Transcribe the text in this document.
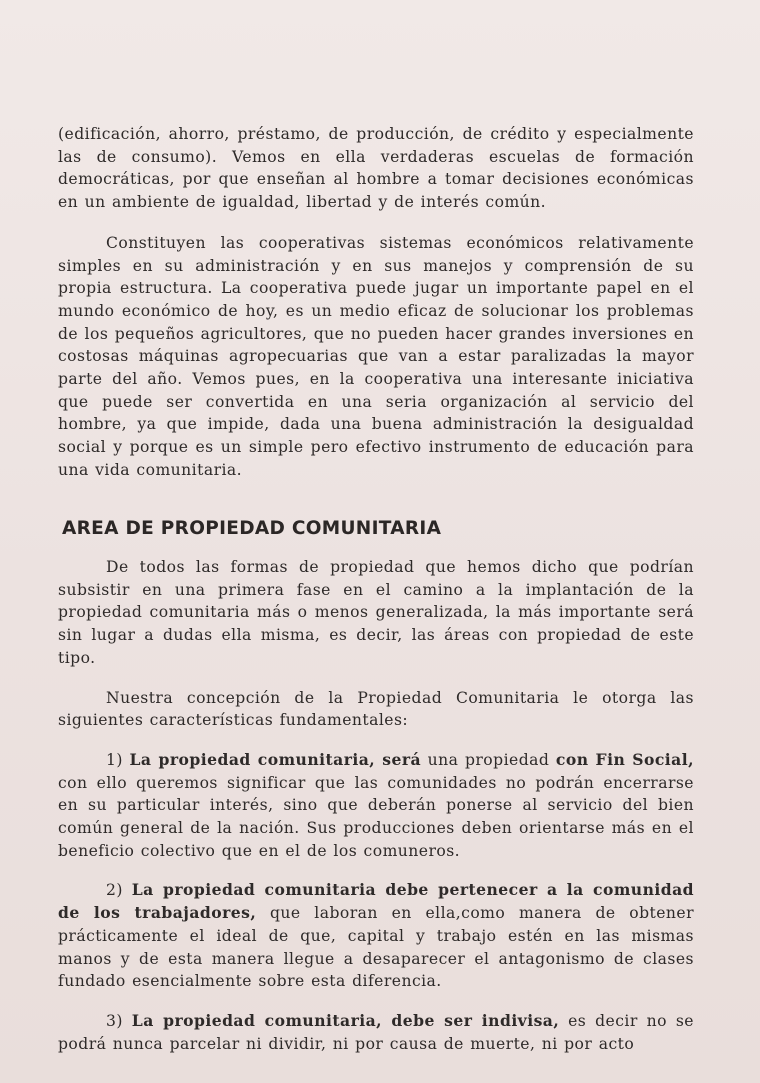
(edificación, ahorro, préstamo, de producción, de crédito y especialmente las de consumo). Vemos en ella verdaderas escuelas de formación democráticas, por que enseñan al hombre a tomar decisiones económicas en un ambiente de igualdad, libertad y de interés común.

Constituyen las cooperativas sistemas económicos relativamente simples en su administración y en sus manejos y comprensión de su propia estructura. La cooperativa puede jugar un importante papel en el mundo económico de hoy, es un medio eficaz de solucionar los problemas de los pequeños agricultores, que no pueden hacer grandes inversiones en costosas máquinas agropecuarias que van a estar paralizadas la mayor parte del año. Vemos pues, en la cooperativa una interesante iniciativa que puede ser convertida en una seria organización al servicio del hombre, ya que impide, dada una buena administración la desigualdad social y porque es un simple pero efectivo instrumento de educación para una vida comunitaria.

AREA DE PROPIEDAD COMUNITARIA

De todos las formas de propiedad que hemos dicho que podrían subsistir en una primera fase en el camino a la implantación de la propiedad comunitaria más o menos generalizada, la más importante será sin lugar a dudas ella misma, es decir, las áreas con propiedad de este tipo.

Nuestra concepción de la Propiedad Comunitaria le otorga las siguientes características fundamentales:

1) La propiedad comunitaria, será una propiedad con Fin Social, con ello queremos significar que las comunidades no podrán encerrarse en su particular interés, sino que deberán ponerse al servicio del bien común general de la nación. Sus producciones deben orientarse más en el beneficio colectivo que en el de los comuneros.

2) La propiedad comunitaria debe pertenecer a la comunidad de los trabajadores, que laboran en ella,como manera de obtener prácticamente el ideal de que, capital y trabajo estén en las mismas manos y de esta manera llegue a desaparecer el antagonismo de clases fundado esencialmente sobre esta diferencia.

3) La propiedad comunitaria, debe ser indivisa, es decir no se podrá nunca parcelar ni dividir, ni por causa de muerte, ni por acto
